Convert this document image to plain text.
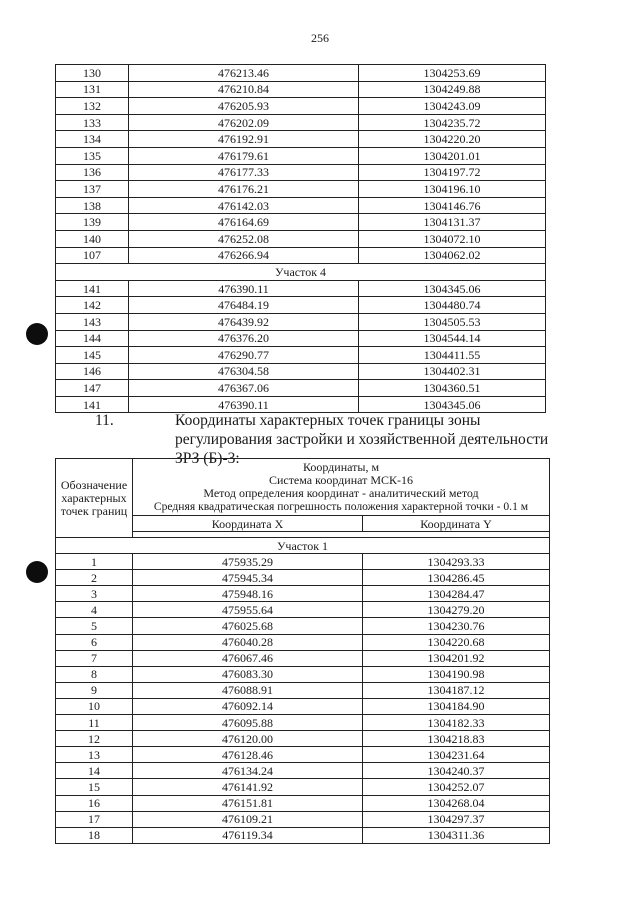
256
130	476213.46	1304253.69
131	476210.84	1304249.88
132	476205.93	1304243.09
133	476202.09	1304235.72
134	476192.91	1304220.20
135	476179.61	1304201.01
136	476177.33	1304197.72
137	476176.21	1304196.10
138	476142.03	1304146.76
139	476164.69	1304131.37
140	476252.08	1304072.10
107	476266.94	1304062.02
Участок 4		
141	476390.11	1304345.06
142	476484.19	1304480.74
143	476439.92	1304505.53
144	476376.20	1304544.14
145	476290.77	1304411.55
146	476304.58	1304402.31
147	476367.06	1304360.51
141	476390.11	1304345.06
11.	Координаты характерных точек границы зоны регулирования застройки и хозяйственной деятельности ЗРЗ (Б)-3:
Обозначение характерных точек границ	Координаты, м
Система координат МСК-16
Метод определения координат - аналитический метод
Средняя квадратическая погрешность положения характерной точки - 0.1 м	

	Координата X	Координата Y

Участок 1		
1	475935.29	1304293.33
2	475945.34	1304286.45
3	475948.16	1304284.47
4	475955.64	1304279.20
5	476025.68	1304230.76
6	476040.28	1304220.68
7	476067.46	1304201.92
8	476083.30	1304190.98
9	476088.91	1304187.12
10	476092.14	1304184.90
11	476095.88	1304182.33
12	476120.00	1304218.83
13	476128.46	1304231.64
14	476134.24	1304240.37
15	476141.92	1304252.07
16	476151.81	1304268.04
17	476109.21	1304297.37
18	476119.34	1304311.36
